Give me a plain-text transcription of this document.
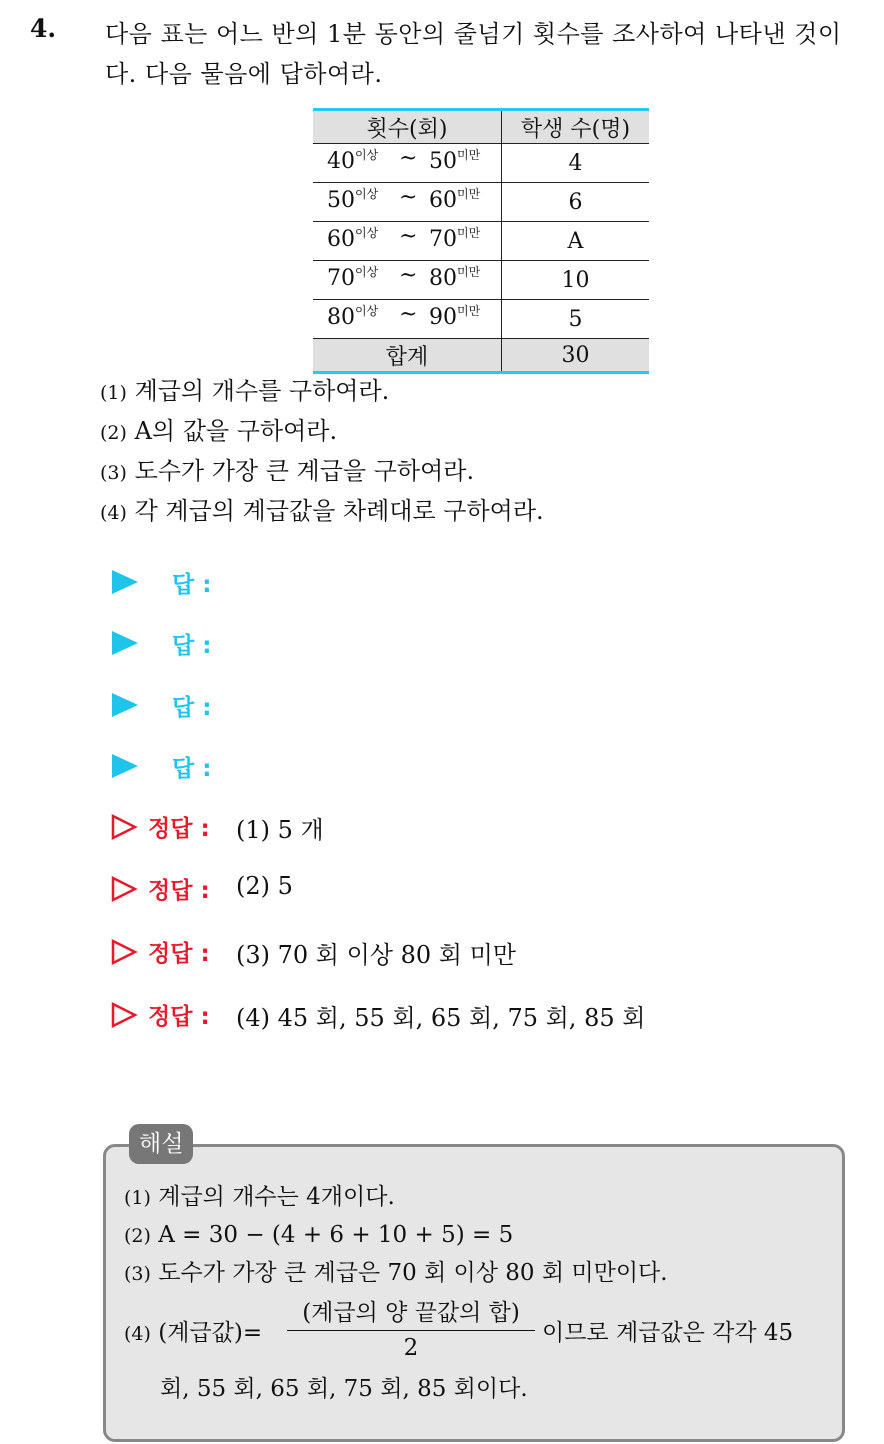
4. 다음 표는 어느 반의 1분 동안의 줄넘기 횟수를 조사하여 나타낸 것이다. 다음 물음에 답하여라.
횟수(회)	학생 수(명)

$40^{이상}$ ~ $50^{미만}$	4

$50^{이상}$ ~ $60^{미만}$	6

$60^{이상}$ ~ $70^{미만}$	A

$70^{이상}$ ~ $80^{미만}$	10

$80^{이상}$ ~ $90^{미만}$	5
합계	30
(1) 계급의 개수를 구하여라.
(2) A의 값을 구하여라.
(3) 도수가 가장 큰 계급을 구하여라.
(4) 각 계급의 계급값을 차례대로 구하여라.
답 :
답 :
답 :
답 :
정답 : (1) 5 개
정답 : (2) 5
정답 : (3) 70 회 이상 80 회 미만
정답 : (4) 45 회, 55 회, 65 회, 75 회, 85 회
해설
(1) 계급의 개수는 4개이다.
(2) A = 30 − (4 + 6 + 10 + 5) = 5
(3) 도수가 가장 큰 계급은 70 회 이상 80 회 미만이다.
(4) (계급값)=
(계급의 양 끝값의 합)
2
이므로 계급값은 각각 45
회, 55 회, 65 회, 75 회, 85 회이다.
